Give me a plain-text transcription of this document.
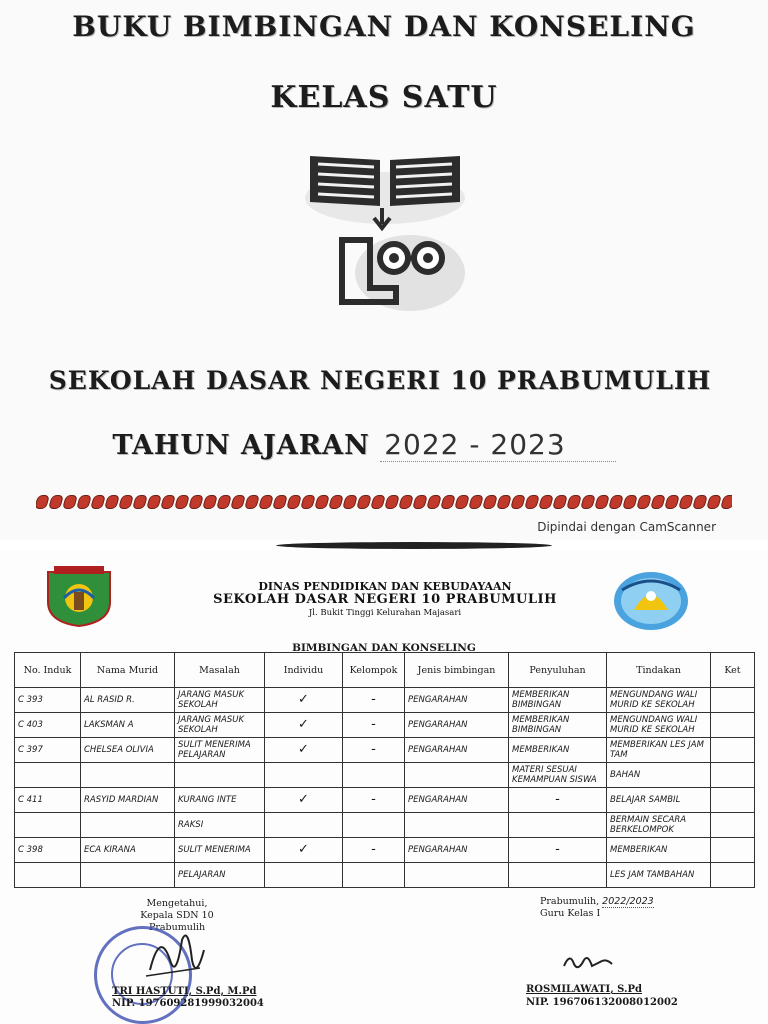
BUKU BIMBINGAN DAN KONSELING
KELAS SATU
SEKOLAH DASAR NEGERI 10 PRABUMULIH
TAHUN AJARAN 2022 - 2023
Dipindai dengan CamScanner
DINAS PENDIDIKAN DAN KEBUDAYAAN
SEKOLAH DASAR NEGERI 10 PRABUMULIH
Jl. Bukit Tinggi Kelurahan Majasari
BIMBINGAN DAN KONSELING
No. Induk	Nama Murid	Masalah	Individu	Kelompok	Jenis bimbingan	Penyuluhan	Tindakan	Ket
C 393	AL RASID R.	JARANG MASUK SEKOLAH	✓	-	PENGARAHAN	MEMBERIKAN BIMBINGAN	MENGUNDANG WALI MURID KE SEKOLAH	
C 403	LAKSMAN A	JARANG MASUK SEKOLAH	✓	-	PENGARAHAN	MEMBERIKAN BIMBINGAN	MENGUNDANG WALI MURID KE SEKOLAH	
C 397	CHELSEA OLIVIA	SULIT MENERIMA PELAJARAN	✓	-	PENGARAHAN	MEMBERIKAN	MEMBERIKAN LES JAM TAM	
						MATERI SESUAI KEMAMPUAN SISWA	BAHAN	
C 411	RASYID MARDIAN	KURANG INTE	✓	-	PENGARAHAN	-	BELAJAR SAMBIL	
		RAKSI					BERMAIN SECARA BERKELOMPOK	
C 398	ECA KIRANA	SULIT MENERIMA	✓	-	PENGARAHAN	-	MEMBERIKAN	
		PELAJARAN					LES JAM TAMBAHAN	
Mengetahui,
Kepala SDN 10 Prabumulih
TRI HASTUTI, S.Pd, M.Pd
NIP. 197609281999032004
Prabumulih, 2022/2023
Guru Kelas I
ROSMILAWATI, S.Pd
NIP. 196706132008012002
